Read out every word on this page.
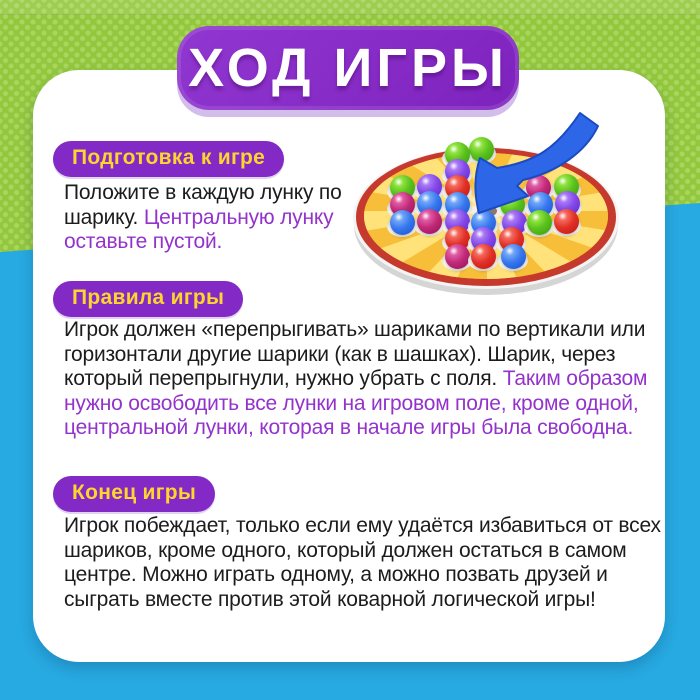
ХОД ИГРЫ
Подготовка к игре
Положите в каждую лунку по шарику. Центральную лунку оставьте пустой.
Правила игры
Игрок должен «перепрыгивать» шариками по вертикали или горизонтали другие шарики (как в шашках). Шарик, через который перепрыгнули, нужно убрать с поля. Таким образом нужно освободить все лунки на игровом поле, кроме одной, центральной лунки, которая в начале игры была свободна.
Конец игры
Игрок побеждает, только если ему удаётся избавиться от всех шариков, кроме одного, который должен остаться в самом центре. Можно играть одному, а можно позвать друзей и сыграть вместе против этой коварной логической игры!
